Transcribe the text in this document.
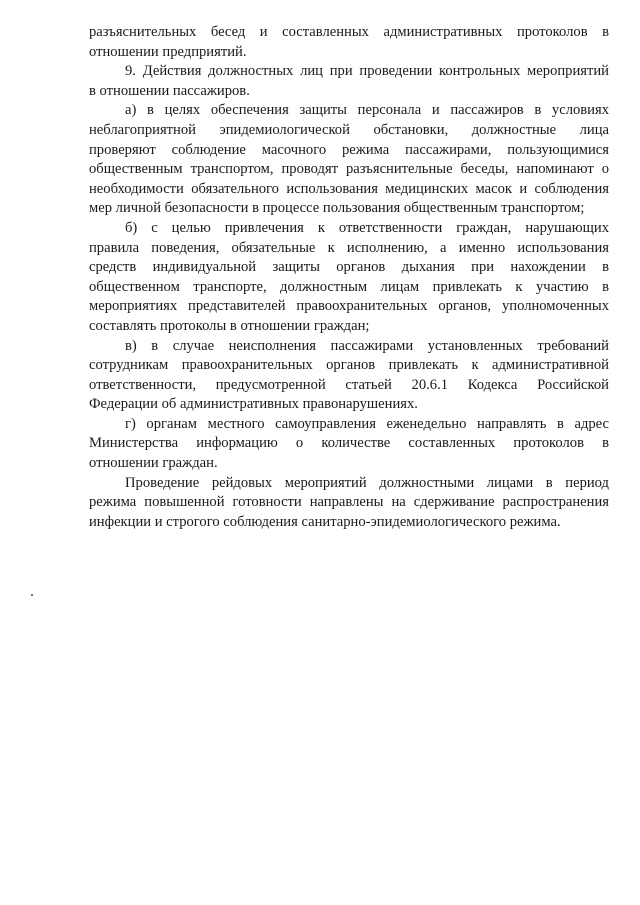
разъяснительных бесед и составленных административных протоколов в
отношении предприятий.
9. Действия должностных лиц при проведении контрольных мероприятий
в отношении пассажиров.
а) в целях обеспечения защиты персонала и пассажиров в условиях
неблагоприятной эпидемиологической обстановки, должностные лица
проверяют соблюдение масочного режима пассажирами, пользующимися
общественным транспортом, проводят разъяснительные беседы, напоминают о
необходимости обязательного использования медицинских масок и соблюдения
мер личной безопасности в процессе пользования общественным транспортом;
б) с целью привлечения к ответственности граждан, нарушающих
правила поведения, обязательные к исполнению, а именно использования
средств индивидуальной защиты органов дыхания при нахождении в
общественном транспорте, должностным лицам привлекать к участию в
мероприятиях представителей правоохранительных органов, уполномоченных
составлять протоколы в отношении граждан;
в) в случае неисполнения пассажирами установленных требований
сотрудникам правоохранительных органов привлекать к административной
ответственности, предусмотренной статьей 20.6.1 Кодекса Российской
Федерации об административных правонарушениях.
г) органам местного самоуправления еженедельно направлять в адрес
Министерства информацию о количестве составленных протоколов в
отношении граждан.
Проведение рейдовых мероприятий должностными лицами в период
режима повышенной готовности направлены на сдерживание распространения
инфекции и строгого соблюдения санитарно-эпидемиологического режима.
